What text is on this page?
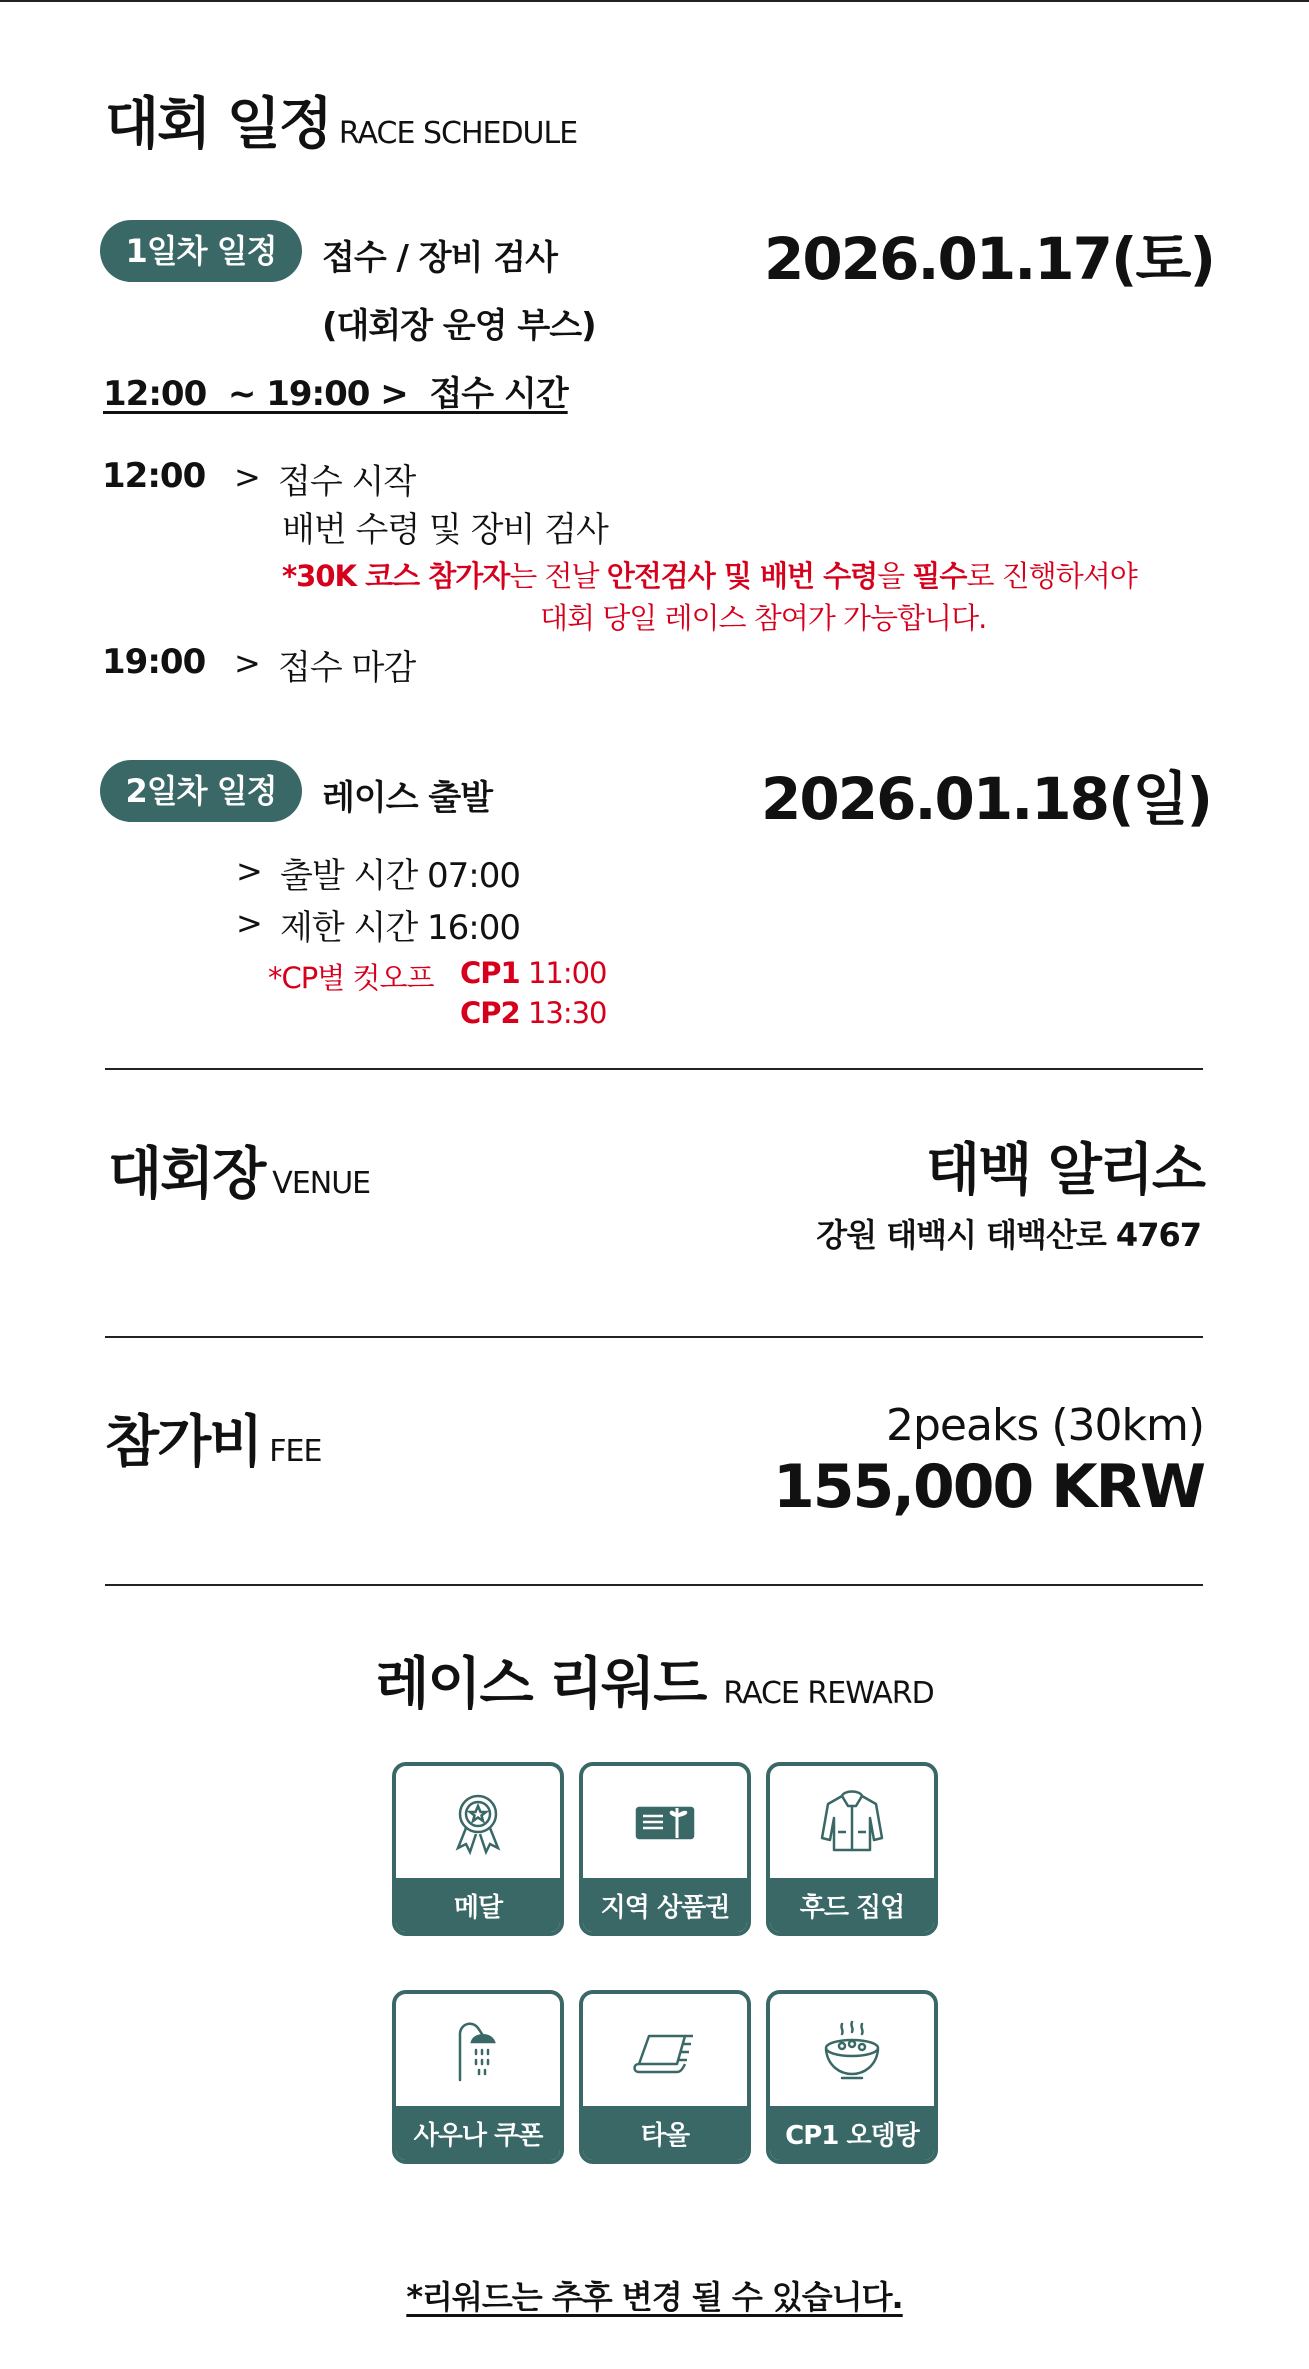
대회 일정 RACE SCHEDULE
1일차 일정	접수 / 장비 검사
(대회장 운영 부스)
2026.01.17(토)
12:00  ~ 19:00 >  접수 시간
12:00 > 접수 시작
배번 수령 및 장비 검사
*30K 코스 참가자는 전날 안전검사 및 배번 수령을 필수로 진행하셔야
대회 당일 레이스 참여가 가능합니다.
19:00 > 접수 마감
2일차 일정	레이스 출발	2026.01.18(일)
> 출발 시간 07:00
> 제한 시간 16:00
*CP별 컷오프 CP1 11:00
CP2 13:30
대회장 VENUE	태백 알리소
강원 태백시 태백산로 4767
참가비 FEE
2peaks (30km)
155,000 KRW
레이스 리워드 RACE REWARD
메달	지역 상품권	후드 집업
사우나 쿠폰	타올	CP1 오뎅탕
*리워드는 추후 변경 될 수 있습니다.
